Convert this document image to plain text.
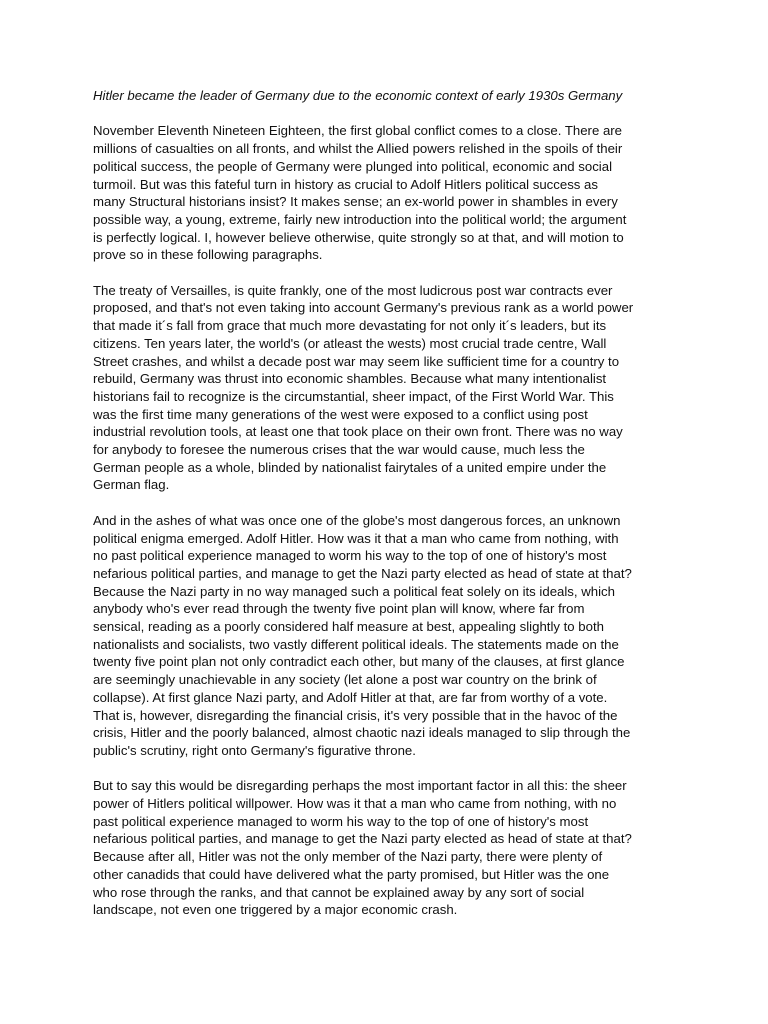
Hitler became the leader of Germany due to the economic context of early 1930s Germany

November Eleventh Nineteen Eighteen, the first global conflict comes to a close. There are
millions of casualties on all fronts, and whilst the Allied powers relished in the spoils of their
political success, the people of Germany were plunged into political, economic and social
turmoil. But was this fateful turn in history as crucial to Adolf Hitlers political success as
many Structural historians insist? It makes sense; an ex-world power in shambles in every
possible way, a young, extreme, fairly new introduction into the political world; the argument
is perfectly logical. I, however believe otherwise, quite strongly so at that, and will motion to
prove so in these following paragraphs.

The treaty of Versailles, is quite frankly, one of the most ludicrous post war contracts ever
proposed, and that's not even taking into account Germany's previous rank as a world power
that made it´s fall from grace that much more devastating for not only it´s leaders, but its
citizens. Ten years later, the world's (or atleast the wests) most crucial trade centre, Wall
Street crashes, and whilst a decade post war may seem like sufficient time for a country to
rebuild, Germany was thrust into economic shambles. Because what many intentionalist
historians fail to recognize is the circumstantial, sheer impact, of the First World War. This
was the first time many generations of the west were exposed to a conflict using post
industrial revolution tools, at least one that took place on their own front. There was no way
for anybody to foresee the numerous crises that the war would cause, much less the
German people as a whole, blinded by nationalist fairytales of a united empire under the
German flag.

And in the ashes of what was once one of the globe's most dangerous forces, an unknown
political enigma emerged. Adolf Hitler. How was it that a man who came from nothing, with
no past political experience managed to worm his way to the top of one of history's most
nefarious political parties, and manage to get the Nazi party elected as head of state at that?
Because the Nazi party in no way managed such a political feat solely on its ideals, which
anybody who's ever read through the twenty five point plan will know, where far from
sensical, reading as a poorly considered half measure at best, appealing slightly to both
nationalists and socialists, two vastly different political ideals. The statements made on the
twenty five point plan not only contradict each other, but many of the clauses, at first glance
are seemingly unachievable in any society (let alone a post war country on the brink of
collapse). At first glance Nazi party, and Adolf Hitler at that, are far from worthy of a vote.
That is, however, disregarding the financial crisis, it's very possible that in the havoc of the
crisis, Hitler and the poorly balanced, almost chaotic nazi ideals managed to slip through the
public's scrutiny, right onto Germany's figurative throne.

But to say this would be disregarding perhaps the most important factor in all this: the sheer
power of Hitlers political willpower. How was it that a man who came from nothing, with no
past political experience managed to worm his way to the top of one of history's most
nefarious political parties, and manage to get the Nazi party elected as head of state at that?
Because after all, Hitler was not the only member of the Nazi party, there were plenty of
other canadids that could have delivered what the party promised, but Hitler was the one
who rose through the ranks, and that cannot be explained away by any sort of social
landscape, not even one triggered by a major economic crash.
